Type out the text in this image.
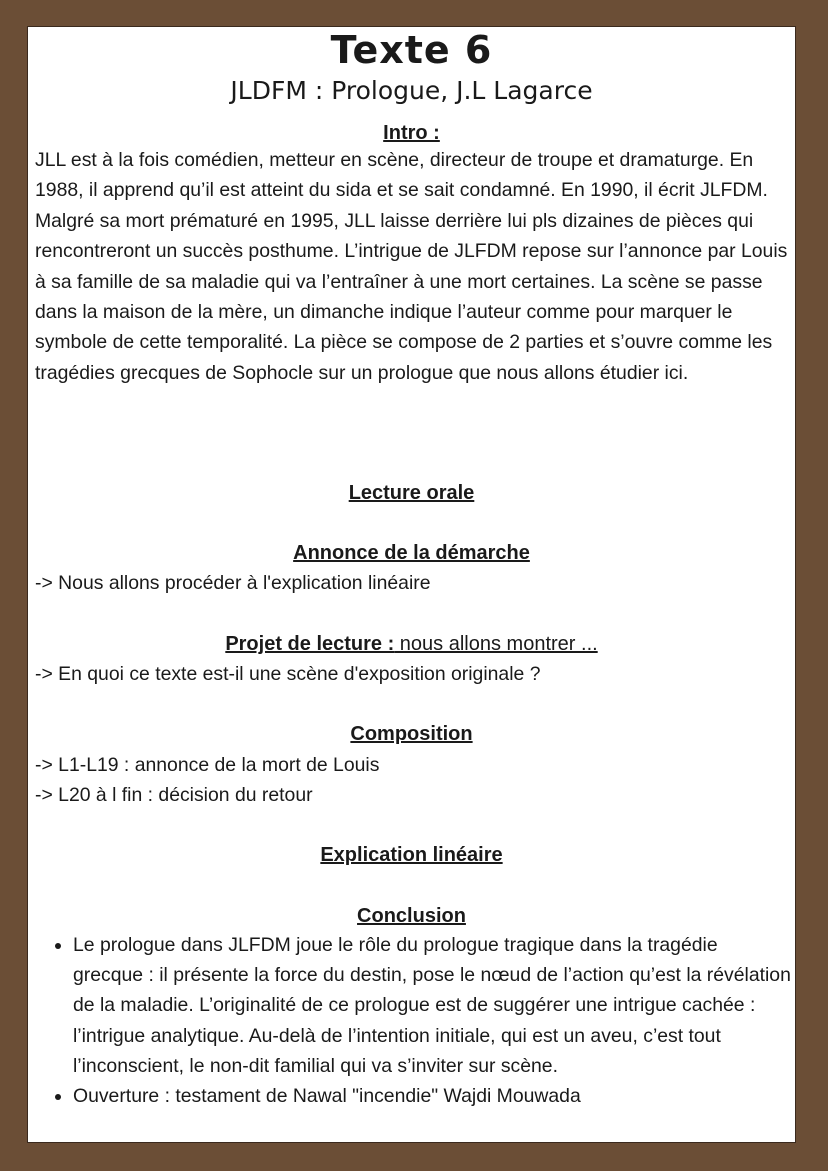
Texte 6
JLDFM : Prologue, J.L Lagarce
Intro :
JLL est à la fois comédien, metteur en scène, directeur de troupe et dramaturge. En 1988, il apprend qu’il est atteint du sida et se sait condamné. En 1990, il écrit JLFDM. Malgré sa mort prématuré en 1995, JLL laisse derrière lui pls dizaines de pièces qui rencontreront un succès posthume. L’intrigue de JLFDM repose sur l’annonce par Louis à sa famille de sa maladie qui va l’entraîner à une mort certaines. La scène se passe dans la maison de la mère, un dimanche indique l’auteur comme pour marquer le symbole de cette temporalité. La pièce se compose de 2 parties et s’ouvre comme les tragédies grecques de Sophocle sur un prologue que nous allons étudier ici.
Lecture orale
Annonce de la démarche
-> Nous allons procéder à l'explication linéaire
Projet de lecture : nous allons montrer ...
-> En quoi ce texte est-il une scène d'exposition originale ?
Composition
-> L1-L19 : annonce de la mort de Louis
-> L20 à l fin : décision du retour
Explication linéaire
Conclusion
• Le prologue dans JLFDM joue le rôle du prologue tragique dans la tragédie grecque : il présente la force du destin, pose le nœud de l’action qu’est la révélation de la maladie. L’originalité de ce prologue est de suggérer une intrigue cachée : l’intrigue analytique. Au-delà de l’intention initiale, qui est un aveu, c’est tout l’inconscient, le non-dit familial qui va s’inviter sur scène.
• Ouverture : testament de Nawal "incendie" Wajdi Mouwada
